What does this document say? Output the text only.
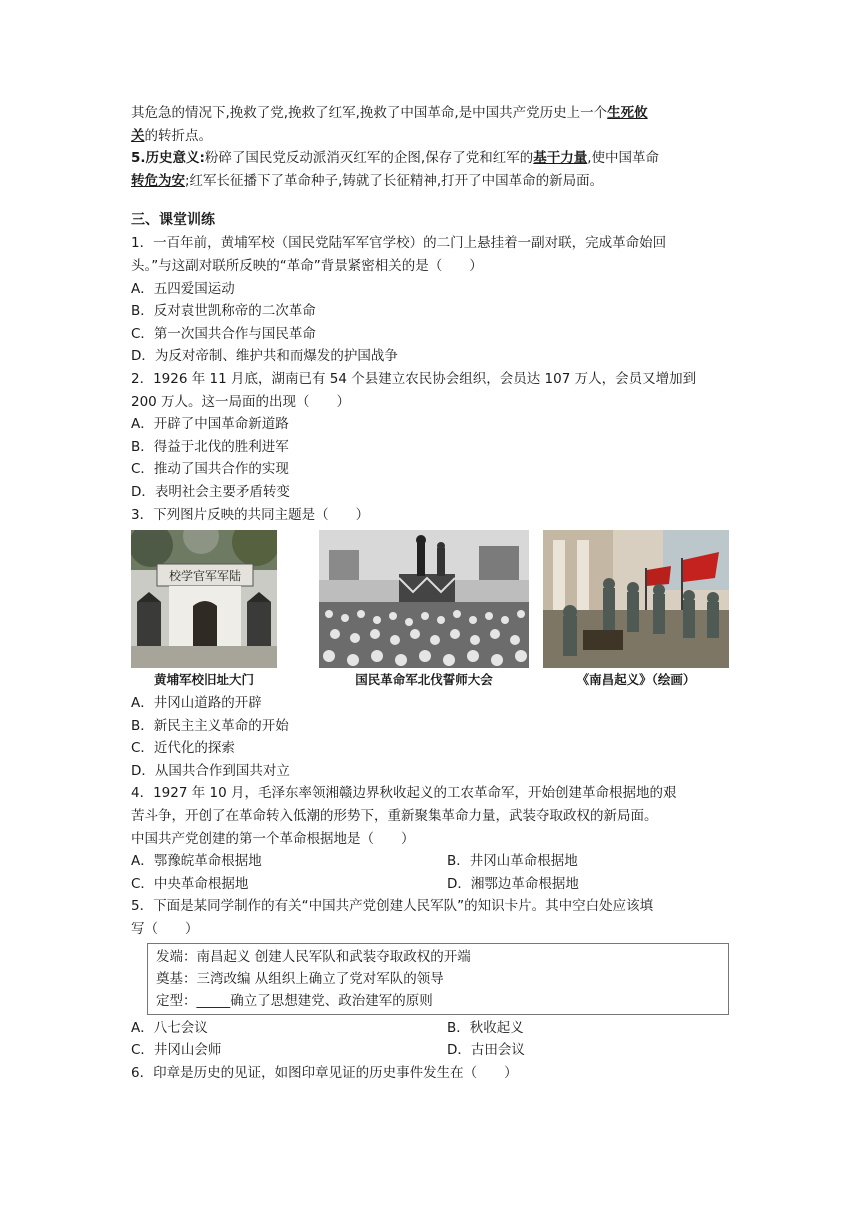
其危急的情况下,挽救了党,挽救了红军,挽救了中国革命,是中国共产党历史上一个生死攸
关的转折点。
5.历史意义:粉碎了国民党反动派消灭红军的企图,保存了党和红军的基干力量,使中国革命
转危为安;红军长征播下了革命种子,铸就了长征精神,打开了中国革命的新局面。
三、课堂训练
1．一百年前，黄埔军校（国民党陆军军官学校）的二门上悬挂着一副对联，完成革命始回
头。”与这副对联所反映的“革命”背景紧密相关的是（　　）
A．五四爱国运动
B．反对袁世凯称帝的二次革命
C．第一次国共合作与国民革命
D．为反对帝制、维护共和而爆发的护国战争
2．1926 年 11 月底，湖南已有 54 个县建立农民协会组织，会员达 107 万人，会员又增加到
200 万人。这一局面的出现（　　）
A．开辟了中国革命新道路
B．得益于北伐的胜利进军
C．推动了国共合作的实现
D．表明社会主要矛盾转变
3．下列图片反映的共同主题是（　　）
校学官军军陆
黄埔军校旧址大门	国民革命军北伐誓师大会	《南昌起义》（绘画）
A．井冈山道路的开辟
B．新民主主义革命的开始
C．近代化的探索
D．从国共合作到国共对立
4．1927 年 10 月，毛泽东率领湘赣边界秋收起义的工农革命军，开始创建革命根据地的艰
苦斗争，开创了在革命转入低潮的形势下，重新聚集革命力量，武装夺取政权的新局面。
中国共产党创建的第一个革命根据地是（　　）
A．鄂豫皖革命根据地	B．井冈山革命根据地
C．中央革命根据地	D．湘鄂边革命根据地
5．下面是某同学制作的有关“中国共产党创建人民军队”的知识卡片。其中空白处应该填
写（　　）
发端：南昌起义 创建人民军队和武装夺取政权的开端
奠基：三湾改编 从组织上确立了党对军队的领导
定型：_____确立了思想建党、政治建军的原则
A．八七会议	B．秋收起义
C．井冈山会师	D．古田会议
6．印章是历史的见证，如图印章见证的历史事件发生在（　　）
